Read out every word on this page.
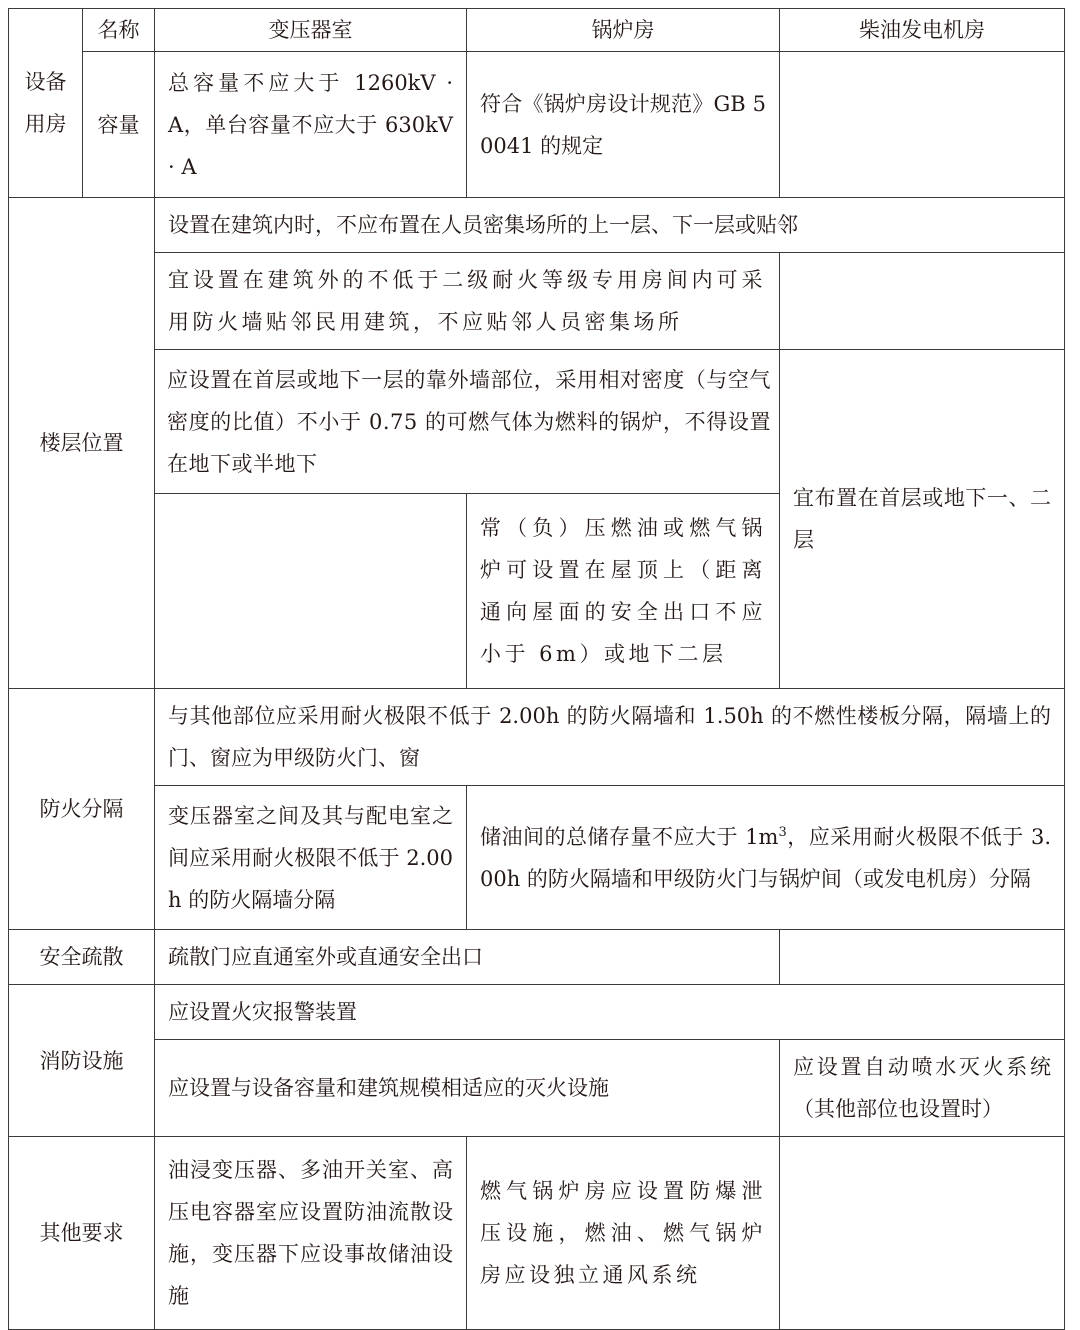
设备用房	名称	变压器室	锅炉房	柴油发电机房
	容量	总容量不应大于 1260kV · A，单台容量不应大于 630kV · A	符合《锅炉房设计规范》GB 50041 的规定	
楼层位置		设置在建筑内时，不应布置在人员密集场所的上一层、下一层或贴邻		
		宜设置在建筑外的不低于二级耐火等级专用房间内可采用防火墙贴邻民用建筑，不应贴邻人员密集场所		
		应设置在首层或地下一层的靠外墙部位，采用相对密度（与空气密度的比值）不小于 0.75 的可燃气体为燃料的锅炉，不得设置在地下或半地下		宜布置在首层或地下一、二层
			常（负）压燃油或燃气锅炉可设置在屋顶上（距离通向屋面的安全出口不应小于 6m）或地下二层	
防火分隔		与其他部位应采用耐火极限不低于 2.00h 的防火隔墙和 1.50h 的不燃性楼板分隔，隔墙上的门、窗应为甲级防火门、窗		
		变压器室之间及其与配电室之间应采用耐火极限不低于 2.00h 的防火隔墙分隔	储油间的总储存量不应大于 $1m^3$，应采用耐火极限不低于 3.00h 的防火隔墙和甲级防火门与锅炉间（或发电机房）分隔	
安全疏散		疏散门应直通室外或直通安全出口		
消防设施		应设置火灾报警装置		
		应设置与设备容量和建筑规模相适应的灭火设施		应设置自动喷水灭火系统（其他部位也设置时）
其他要求		油浸变压器、多油开关室、高压电容器室应设置防油流散设施，变压器下应设事故储油设施	燃气锅炉房应设置防爆泄压设施，燃油、燃气锅炉房应设独立通风系统	
